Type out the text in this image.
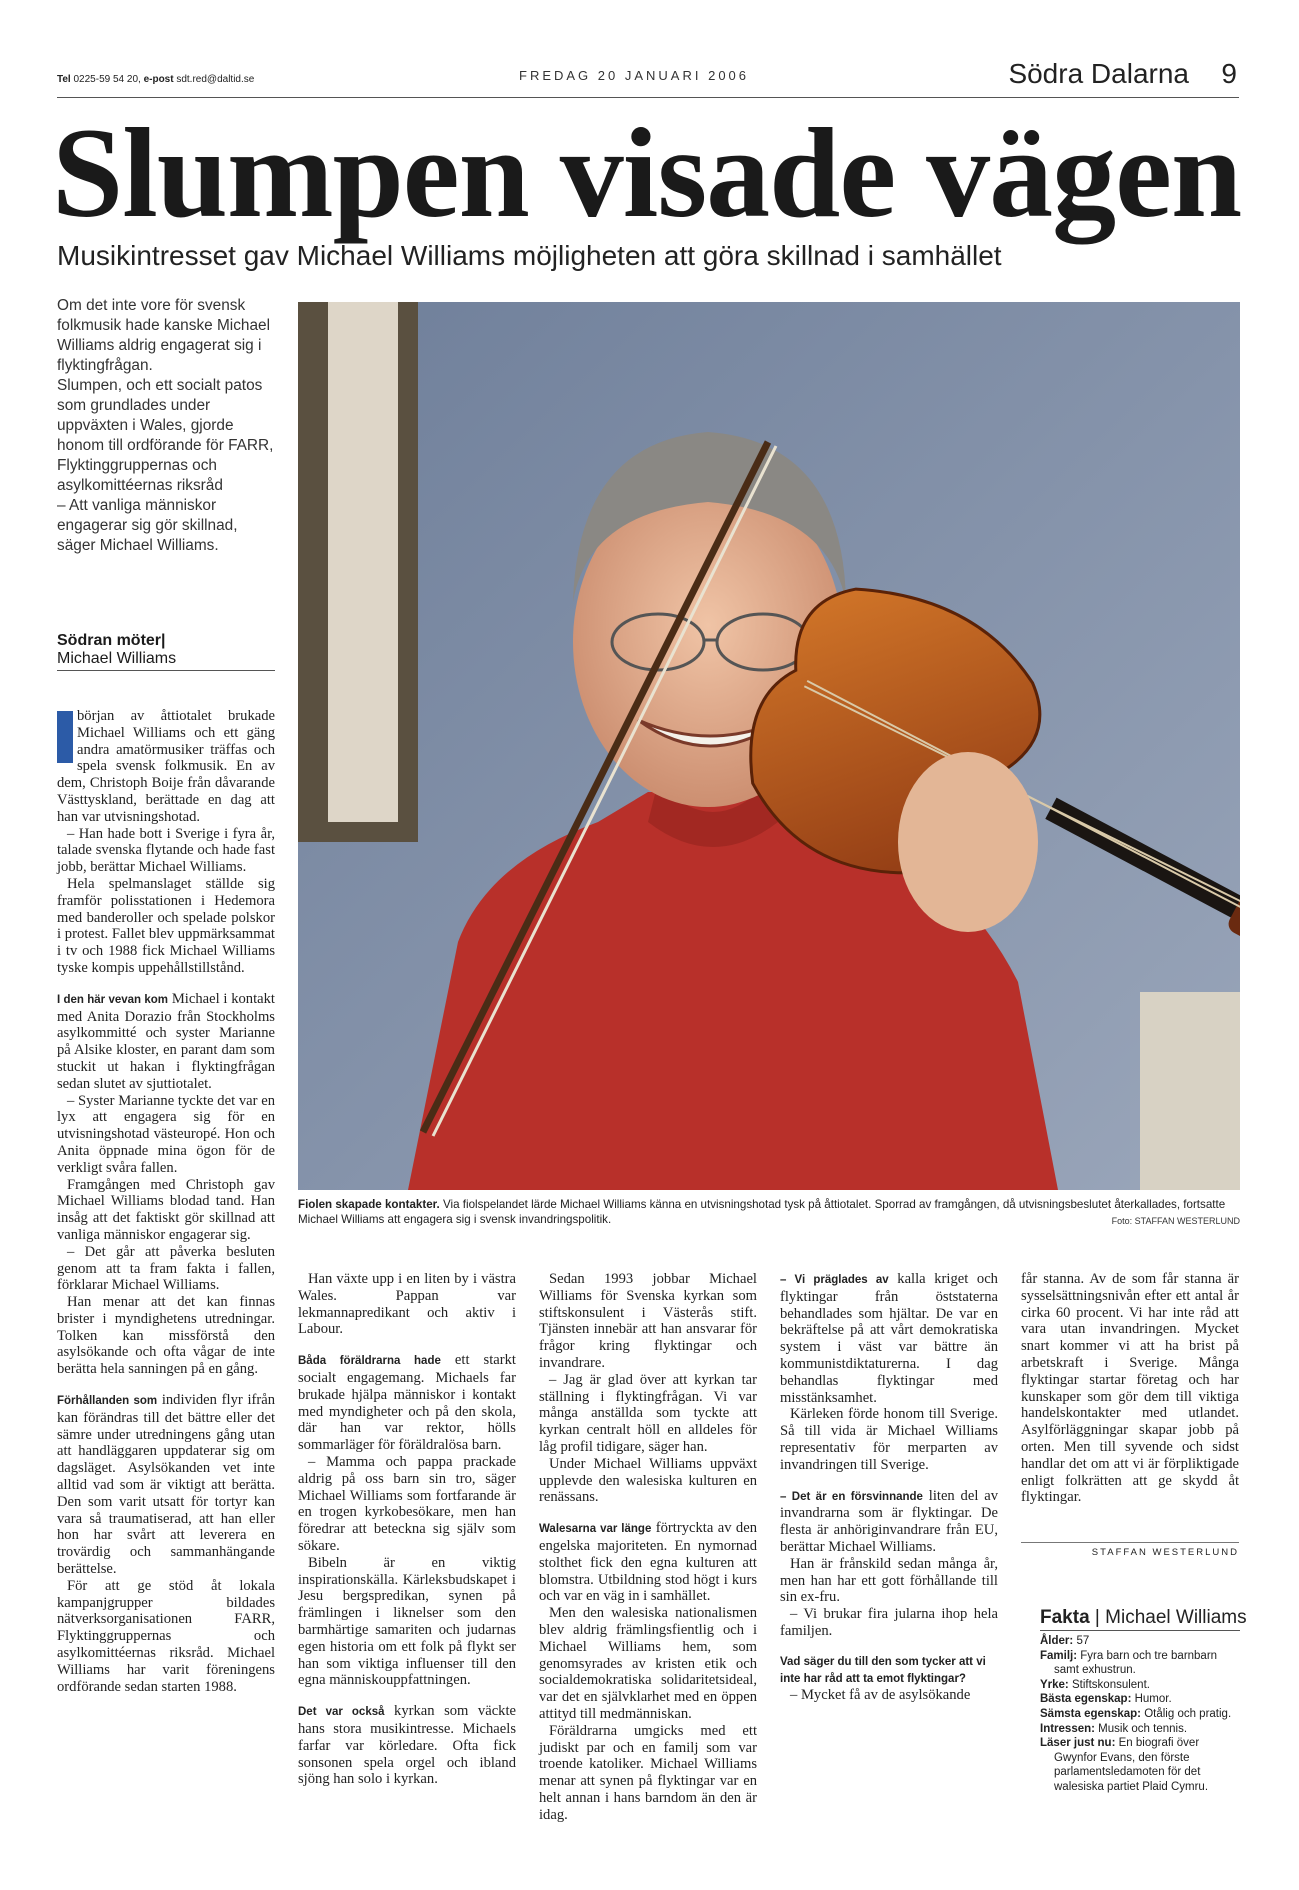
Tel 0225-59 54 20, e-post sdt.red@daltid.se	FREDAG 20 JANUARI 2006	Södra Dalarna 9
Slumpen visade vägen
Musikintresset gav Michael Williams möjligheten att göra skillnad i samhället

Om det inte vore för svensk folkmusik hade kanske Michael Williams aldrig engagerat sig i flyktingfrågan.

Slumpen, och ett socialt patos som grundlades under uppväxten i Wales, gjorde honom till ordförande för FARR, Flyktinggruppernas och asylkomittéernas riksråd

– Att vanliga människor engagerar sig gör skillnad, säger Michael Williams.

Södran möter|
Michael Williams
Fiolen skapade kontakter. Via fiolspelandet lärde Michael Williams känna en utvisningshotad tysk på åttiotalet. Sporrad av framgången, då utvisningsbeslutet återkallades, fortsatte Michael Williams att engagera sig i svensk invandringspolitik.	Foto: STAFFAN WESTERLUND

början av åttiotalet brukade Michael Williams och ett gäng andra amatörmusiker träffas och spela svensk folkmusik. En av dem, Christoph Boije från dåvarande Västtyskland, berättade en dag att han var utvisningshotad.

– Han hade bott i Sverige i fyra år, talade svenska flytande och hade fast jobb, berättar Michael Williams.

Hela spelmanslaget ställde sig framför polisstationen i Hedemora med banderoller och spelade polskor i protest. Fallet blev uppmärksammat i tv och 1988 fick Michael Williams tyske kompis uppehållstillstånd.

I den här vevan kom Michael i kontakt med Anita Dorazio från Stockholms asylkommitté och syster Marianne på Alsike kloster, en parant dam som stuckit ut hakan i flyktingfrågan sedan slutet av sjuttiotalet.

– Syster Marianne tyckte det var en lyx att engagera sig för en utvisningshotad västeuropé. Hon och Anita öppnade mina ögon för de verkligt svåra fallen.

Framgången med Christoph gav Michael Williams blodad tand. Han insåg att det faktiskt gör skillnad att vanliga människor engagerar sig.

– Det går att påverka besluten genom att ta fram fakta i fallen, förklarar Michael Williams.

Han menar att det kan finnas brister i myndighetens utredningar. Tolken kan missförstå den asylsökande och ofta vågar de inte berätta hela sanningen på en gång.

Förhållanden som individen flyr ifrån kan förändras till det bättre eller det sämre under utredningens gång utan att handläggaren uppdaterar sig om dagsläget. Asylsökanden vet inte alltid vad som är viktigt att berätta. Den som varit utsatt för tortyr kan vara så traumatiserad, att han eller hon har svårt att leverera en trovärdig och sammanhängande berättelse.

För att ge stöd åt lokala kampanjgrupper bildades nätverksorganisationen FARR, Flyktinggruppernas och asylkomittéernas riksråd. Michael Williams har varit föreningens ordförande sedan starten 1988.

Han växte upp i en liten by i västra Wales. Pappan var lekmannapredikant och aktiv i Labour.

Båda föräldrarna hade ett starkt socialt engagemang. Michaels far brukade hjälpa människor i kontakt med myndigheter och på den skola, där han var rektor, hölls sommarläger för föräldralösa barn.

– Mamma och pappa prackade aldrig på oss barn sin tro, säger Michael Williams som fortfarande är en trogen kyrkobesökare, men han föredrar att beteckna sig själv som sökare.

Bibeln är en viktig inspirationskälla. Kärleksbudskapet i Jesu bergspredikan, synen på främlingen i liknelser som den barmhärtige samariten och judarnas egen historia om ett folk på flykt ser han som viktiga influenser till den egna människouppfattningen.

Det var också kyrkan som väckte hans stora musikintresse. Michaels farfar var körledare. Ofta fick sonsonen spela orgel och ibland sjöng han solo i kyrkan.

Sedan 1993 jobbar Michael Williams för Svenska kyrkan som stiftskonsulent i Västerås stift. Tjänsten innebär att han ansvarar för frågor kring flyktingar och invandrare.

– Jag är glad över att kyrkan tar ställning i flyktingfrågan. Vi var många anställda som tyckte att kyrkan centralt höll en alldeles för låg profil tidigare, säger han.

Under Michael Williams uppväxt upplevde den walesiska kulturen en renässans.

Walesarna var länge förtryckta av den engelska majoriteten. En nymornad stolthet fick den egna kulturen att blomstra. Utbildning stod högt i kurs och var en väg in i samhället.

Men den walesiska nationalismen blev aldrig främlingsfientlig och i Michael Williams hem, som genomsyrades av kristen etik och socialdemokratiska solidaritetsideal, var det en självklarhet med en öppen attityd till medmänniskan.

Föräldrarna umgicks med ett judiskt par och en familj som var troende katoliker. Michael Williams menar att synen på flyktingar var en helt annan i hans barndom än den är idag.

– Vi präglades av kalla kriget och flyktingar från öststaterna behandlades som hjältar. De var en bekräftelse på att vårt demokratiska system i väst var bättre än kommunistdiktaturerna. I dag behandlas flyktingar med misstänksamhet.

Kärleken förde honom till Sverige. Så till vida är Michael Williams representativ för merparten av invandringen till Sverige.

– Det är en försvinnande liten del av invandrarna som är flyktingar. De flesta är anhöriginvandrare från EU, berättar Michael Williams.

Han är frånskild sedan många år, men han har ett gott förhållande till sin ex-fru.

– Vi brukar fira jularna ihop hela familjen.

Vad säger du till den som tycker att vi inte har råd att ta emot flyktingar?

– Mycket få av de asylsökande

får stanna. Av de som får stanna är sysselsättningsnivån efter ett antal år cirka 60 procent. Vi har inte råd att vara utan invandringen. Mycket snart kommer vi att ha brist på arbetskraft i Sverige. Många flyktingar startar företag och har kunskaper som gör dem till viktiga handelskontakter med utlandet. Asylförläggningar skapar jobb på orten. Men till syvende och sidst handlar det om att vi är förpliktigade enligt folkrätten att ge skydd åt flyktingar.

STAFFAN WESTERLUND
Fakta | Michael Williams
Ålder: 57
Familj: Fyra barn och tre barnbarn samt exhustrun.
Yrke: Stiftskonsulent.
Bästa egenskap: Humor.
Sämsta egenskap: Otålig och pratig.
Intressen: Musik och tennis.
Läser just nu: En biografi över Gwynfor Evans, den förste parlamentsledamoten för det walesiska partiet Plaid Cymru.
